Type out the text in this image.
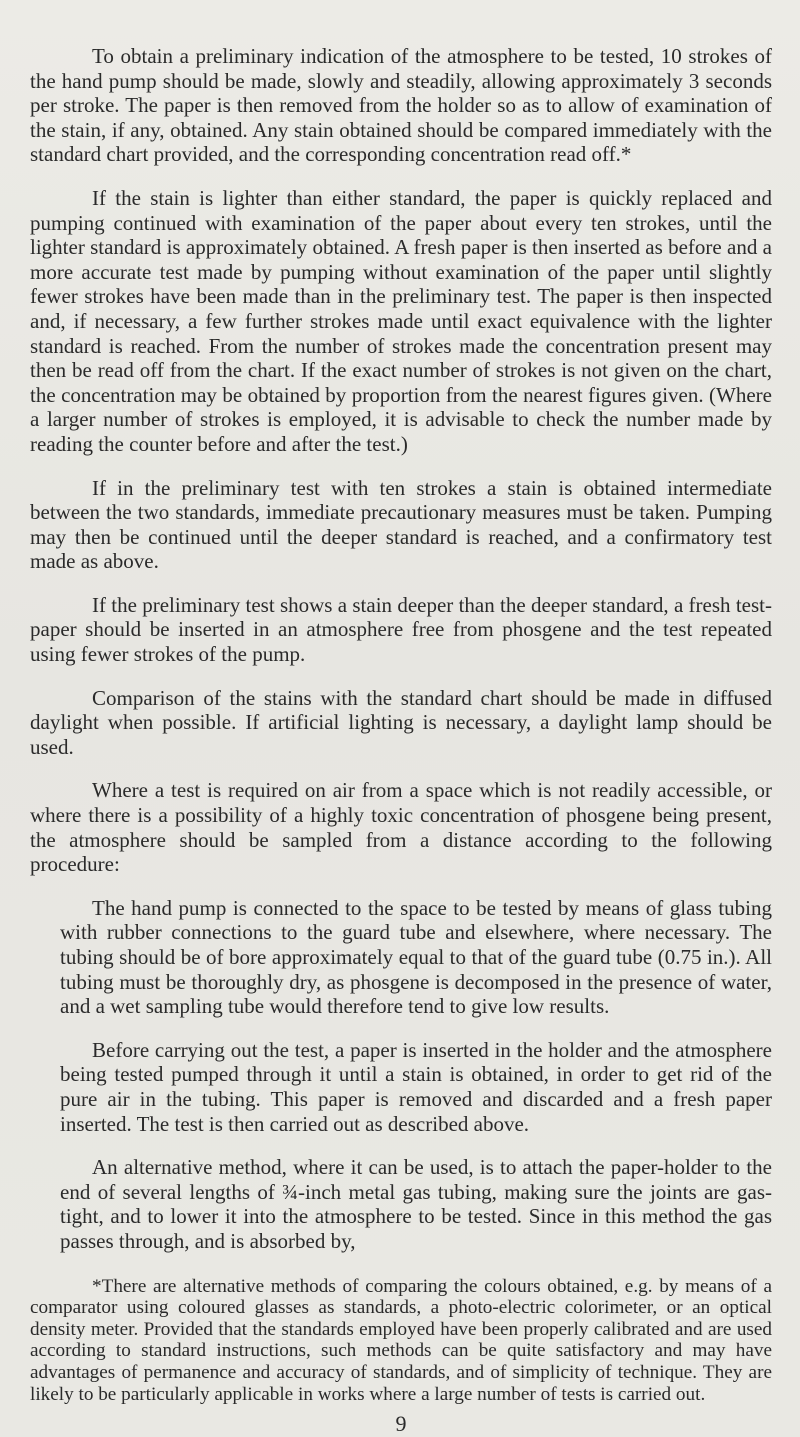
To obtain a preliminary indication of the atmosphere to be tested, 10 strokes of the hand pump should be made, slowly and steadily, allowing approximately 3 seconds per stroke. The paper is then removed from the holder so as to allow of examination of the stain, if any, obtained. Any stain obtained should be compared immediately with the standard chart provided, and the corresponding concentration read off.*

If the stain is lighter than either standard, the paper is quickly replaced and pumping continued with examination of the paper about every ten strokes, until the lighter standard is approximately obtained. A fresh paper is then inserted as before and a more accurate test made by pumping without examination of the paper until slightly fewer strokes have been made than in the preliminary test. The paper is then inspected and, if necessary, a few further strokes made until exact equivalence with the lighter standard is reached. From the number of strokes made the concentration present may then be read off from the chart. If the exact number of strokes is not given on the chart, the concentration may be obtained by proportion from the nearest figures given. (Where a larger number of strokes is employed, it is advisable to check the number made by reading the counter before and after the test.)

If in the preliminary test with ten strokes a stain is obtained intermediate between the two standards, immediate precautionary measures must be taken. Pumping may then be continued until the deeper standard is reached, and a confirmatory test made as above.

If the preliminary test shows a stain deeper than the deeper standard, a fresh test-paper should be inserted in an atmosphere free from phosgene and the test repeated using fewer strokes of the pump.

Comparison of the stains with the standard chart should be made in diffused daylight when possible. If artificial lighting is necessary, a daylight lamp should be used.

Where a test is required on air from a space which is not readily accessible, or where there is a possibility of a highly toxic concentration of phosgene being present, the atmosphere should be sampled from a distance according to the following procedure:

The hand pump is connected to the space to be tested by means of glass tubing with rubber connections to the guard tube and elsewhere, where necessary. The tubing should be of bore approximately equal to that of the guard tube (0.75 in.). All tubing must be thoroughly dry, as phosgene is decomposed in the presence of water, and a wet sampling tube would therefore tend to give low results.

Before carrying out the test, a paper is inserted in the holder and the atmosphere being tested pumped through it until a stain is obtained, in order to get rid of the pure air in the tubing. This paper is removed and discarded and a fresh paper inserted. The test is then carried out as described above.

An alternative method, where it can be used, is to attach the paper-holder to the end of several lengths of ¾-inch metal gas tubing, making sure the joints are gas-tight, and to lower it into the atmosphere to be tested. Since in this method the gas passes through, and is absorbed by,

*There are alternative methods of comparing the colours obtained, e.g. by means of a comparator using coloured glasses as standards, a photo-electric colorimeter, or an optical density meter. Provided that the standards employed have been properly calibrated and are used according to standard instructions, such methods can be quite satisfactory and may have advantages of permanence and accuracy of standards, and of simplicity of technique. They are likely to be particularly applicable in works where a large number of tests is carried out.

9
